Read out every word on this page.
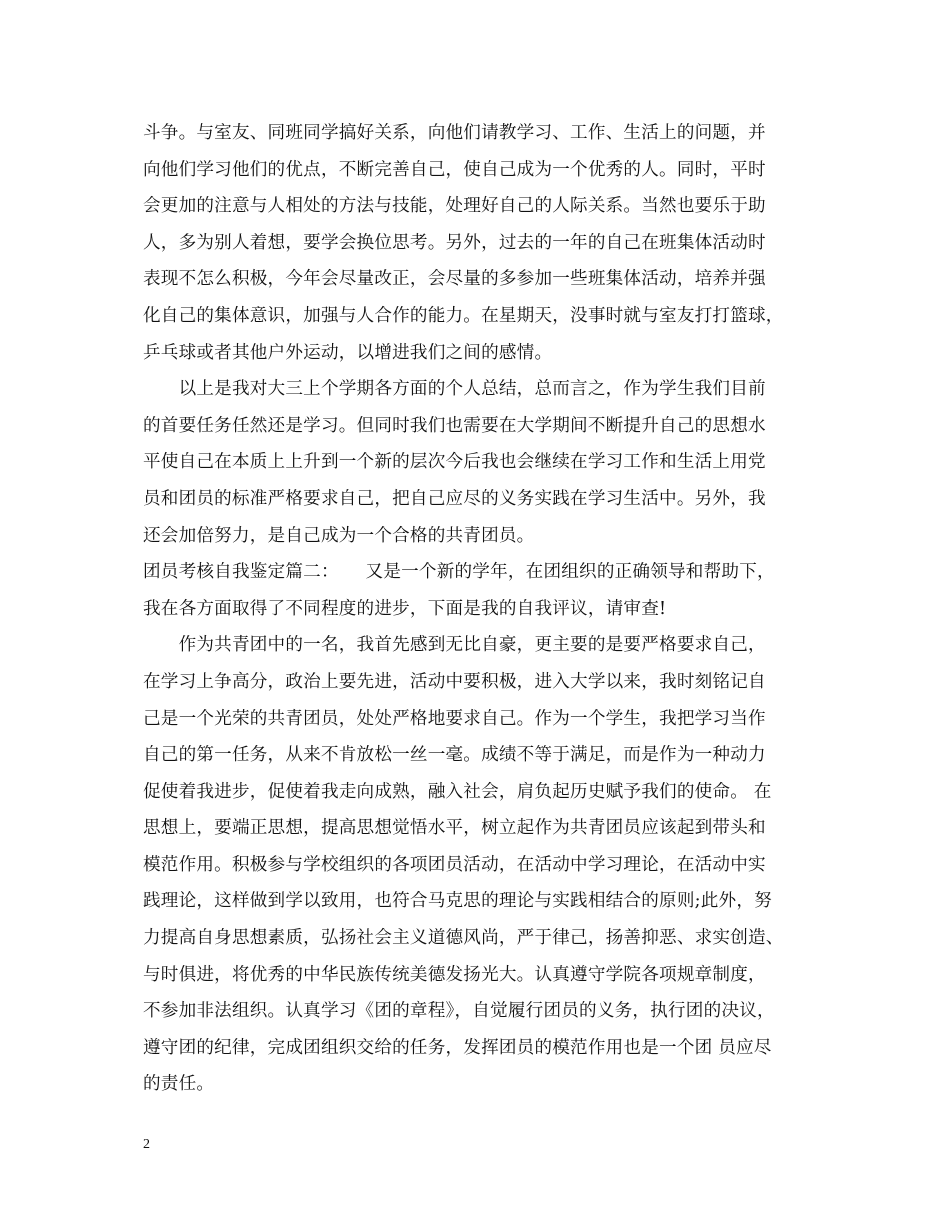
斗争。与室友、同班同学搞好关系，向他们请教学习、工作、生活上的问题，并
向他们学习他们的优点，不断完善自己，使自己成为一个优秀的人。同时，平时
会更加的注意与人相处的方法与技能，处理好自己的人际关系。当然也要乐于助
人，多为别人着想，要学会换位思考。另外，过去的一年的自己在班集体活动时
表现不怎么积极，今年会尽量改正，会尽量的多参加一些班集体活动，培养并强
化自己的集体意识，加强与人合作的能力。在星期天，没事时就与室友打打篮球，
乒乓球或者其他户外运动，以增进我们之间的感情。
　　以上是我对大三上个学期各方面的个人总结，总而言之，作为学生我们目前
的首要任务任然还是学习。但同时我们也需要在大学期间不断提升自己的思想水
平使自己在本质上上升到一个新的层次今后我也会继续在学习工作和生活上用党
员和团员的标准严格要求自己，把自己应尽的义务实践在学习生活中。另外，我
还会加倍努力，是自己成为一个合格的共青团员。
团员考核自我鉴定篇二：　　又是一个新的学年，在团组织的正确领导和帮助下，
我在各方面取得了不同程度的进步，下面是我的自我评议，请审查!
　　作为共青团中的一名，我首先感到无比自豪，更主要的是要严格要求自己，
在学习上争高分，政治上要先进，活动中要积极，进入大学以来，我时刻铭记自
己是一个光荣的共青团员，处处严格地要求自己。作为一个学生，我把学习当作
自己的第一任务，从来不肯放松一丝一毫。成绩不等于满足，而是作为一种动力
促使着我进步，促使着我走向成熟，融入社会，肩负起历史赋予我们的使命。 在
思想上，要端正思想，提高思想觉悟水平，树立起作为共青团员应该起到带头和
模范作用。积极参与学校组织的各项团员活动，在活动中学习理论，在活动中实
践理论，这样做到学以致用，也符合马克思的理论与实践相结合的原则;此外，努
力提高自身思想素质，弘扬社会主义道德风尚，严于律己，扬善抑恶、求实创造、
与时俱进，将优秀的中华民族传统美德发扬光大。认真遵守学院各项规章制度，
不参加非法组织。认真学习《团的章程》，自觉履行团员的义务，执行团的决议，
遵守团的纪律，完成团组织交给的任务，发挥团员的模范作用也是一个团 员应尽
的责任。
2
